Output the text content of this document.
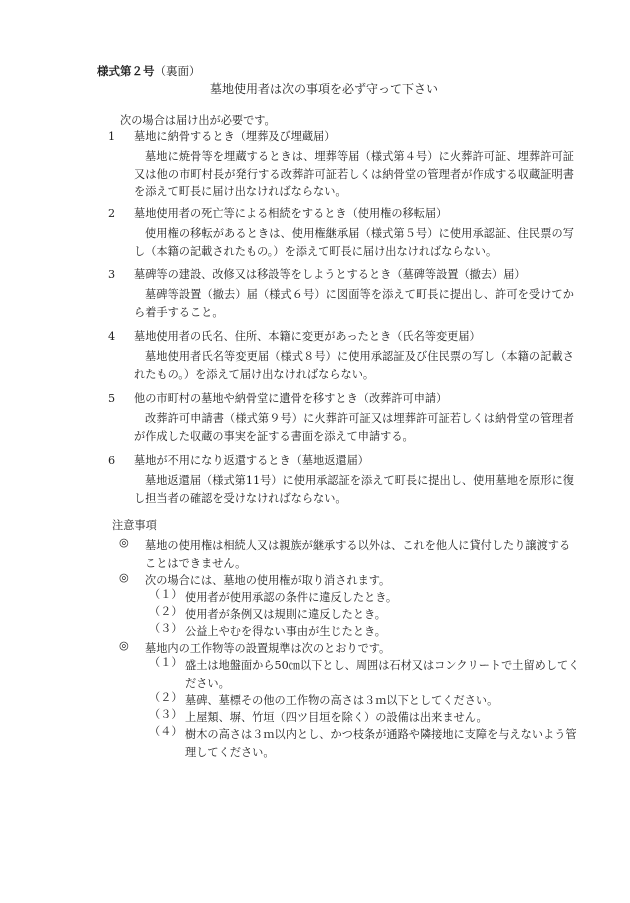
様式第２号（裏面）
墓地使用者は次の事項を必ず守って下さい
次の場合は届け出が必要です。
1	墓地に納骨するとき（埋葬及び埋蔵届）
墓地に焼骨等を埋蔵するときは、埋葬等届（様式第４号）に火葬許可証、埋葬許可証又は他の市町村長が発行する改葬許可証若しくは納骨堂の管理者が作成する収蔵証明書を添えて町長に届け出なければならない。
2	墓地使用者の死亡等による相続をするとき（使用権の移転届）
使用権の移転があるときは、使用権継承届（様式第５号）に使用承認証、住民票の写し（本籍の記載されたもの。）を添えて町長に届け出なければならない。
3	墓碑等の建設、改修又は移設等をしようとするとき（墓碑等設置（撤去）届）
墓碑等設置（撤去）届（様式６号）に図面等を添えて町長に提出し、許可を受けてから着手すること。
4	墓地使用者の氏名、住所、本籍に変更があったとき（氏名等変更届）
墓地使用者氏名等変更届（様式８号）に使用承認証及び住民票の写し（本籍の記載されたもの。）を添えて届け出なければならない。
5	他の市町村の墓地や納骨堂に遺骨を移すとき（改葬許可申請）
改葬許可申請書（様式第９号）に火葬許可証又は埋葬許可証若しくは納骨堂の管理者が作成した収蔵の事実を証する書面を添えて申請する。
6	墓地が不用になり返還するとき（墓地返還届）
墓地返還届（様式第11号）に使用承認証を添えて町長に提出し、使用墓地を原形に復し担当者の確認を受けなければならない。
注意事項
◎ 墓地の使用権は相続人又は親族が継承する以外は、これを他人に貸付したり譲渡することはできません。
◎ 次の場合には、墓地の使用権が取り消されます。
（１） 使用者が使用承認の条件に違反したとき。
（２） 使用者が条例又は規則に違反したとき。
（３） 公益上やむを得ない事由が生じたとき。
◎ 墓地内の工作物等の設置規準は次のとおりです。
（１） 盛土は地盤面から50㎝以下とし、周囲は石材又はコンクリートで土留めしてください。
（２） 墓碑、墓標その他の工作物の高さは３ｍ以下としてください。
（３） 上屋類、塀、竹垣（四ツ目垣を除く）の設備は出来ません。
（４） 樹木の高さは３ｍ以内とし、かつ枝条が通路や隣接地に支障を与えないよう管理してください。
